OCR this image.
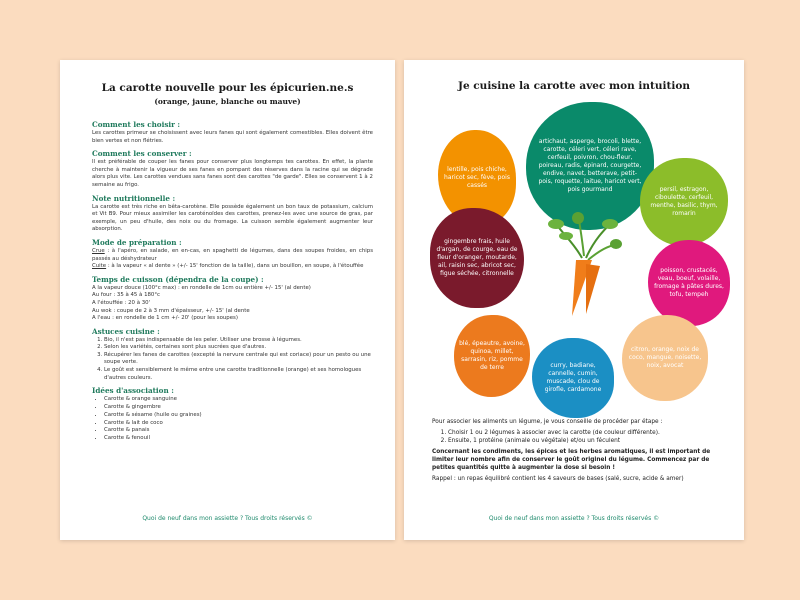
La carotte nouvelle pour les épicurien.ne.s
(orange, jaune, blanche ou mauve)

Comment les choisir :

Les carottes primeur se choisissent avec leurs fanes qui sont également comestibles. Elles doivent être bien vertes et non flétries.

Comment les conserver :

Il est préférable de couper les fanes pour conserver plus longtemps tes carottes. En effet, la plante cherche à maintenir la vigueur de ses fanes en pompant des réserves dans la racine qui se dégrade alors plus vite. Les carottes vendues sans fanes sont des carottes "de garde". Elles se conservent 1 à 2 semaine au frigo.

Note nutritionnelle :

La carotte est très riche en bêta-carotène. Elle possède également un bon taux de potassium, calcium et Vit B9. Pour mieux assimiler les caroténoïdes des carottes, prenez-les avec une source de gras, par exemple, un peu d'huile, des noix ou du fromage. La cuisson semble également augmenter leur absorption.

Mode de préparation :

Crue : à l'apéro, en salade, en en-cas, en spaghetti de légumes, dans des soupes froides, en chips passés au déshydrateur

Cuite : à la vapeur « al dente » (+/- 15' fonction de la taille), dans un bouillon, en soupe, à l'étouffée

Temps de cuisson (dépendra de la coupe) :

A la vapeur douce (100°c max) : en rondelle de 1cm ou entière +/- 15' (al dente)

Au four : 35 à 45 à 180°c

A l'étouffée : 20 à 30'

Au wok : coupe de 2 à 3 mm d'épaisseur, +/- 15' (al dente

A l'eau : en rondelle de 1 cm +/- 20' (pour les soupes)

Astuces cuisine :

1. Bio, il n'est pas indispensable de les peler. Utiliser une brosse à légumes.
2. Selon les variétés, certaines sont plus sucrées que d'autres.
3. Récupérer les fanes de carottes (excepté la nervure centrale qui est coriace) pour un pesto ou une soupe verte.
4. Le goût est sensiblement le même entre une carotte traditionnelle (orange) et ses homologues d'autres couleurs.

Idées d'association :

• Carotte & orange sanguine
• Carotte & gingembre
• Carotte & sésame (huile ou graines)
• Carotte & lait de coco
• Carotte & panais
• Carotte & fenouil
Quoi de neuf dans mon assiette ? Tous droits réservés ©
Je cuisine la carotte avec mon intuition
lentille, pois chiche, haricot sec, fève, pois cassés
artichaut, asperge, brocoli, blette, carotte, céleri vert, céleri rave, cerfeuil, poivron, chou-fleur, poireau, radis, épinard, courgette, endive, navet, betterave, petit-pois, roquette, laitue, haricot vert, pois gourmand	persil, estragon, ciboulette, cerfeuil, menthe, basilic, thym, romarin
gingembre frais, huile d'argan, de courge, eau de fleur d'oranger, moutarde, ail, raisin sec, abricot sec, figue séchée, citronnelle	poisson, crustacés, veau, boeuf, volaille, fromage à pâtes dures, tofu, tempeh
blé, épeautre, avoine, quinoa, millet, sarrasin, riz, pomme de terre	curry, badiane, cannelle, cumin, muscade, clou de girofle, cardamone
citron, orange, noix de coco, mangue, noisette, noix, avocat

Pour associer les aliments un légume, je vous conseille de procéder par étape :

1. Choisir 1 ou 2 légumes à associer avec la carotte (de couleur différente).
2. Ensuite, 1 protéine (animale ou végétale) et/ou un féculent

Concernant les condiments, les épices et les herbes aromatiques, il est important de limiter leur nombre afin de conserver le goût originel du légume. Commencez par de petites quantités quitte à augmenter la dose si besoin !

Rappel : un repas équilibré contient les 4 saveurs de bases (salé, sucre, acide & amer)

Quoi de neuf dans mon assiette ? Tous droits réservés ©
